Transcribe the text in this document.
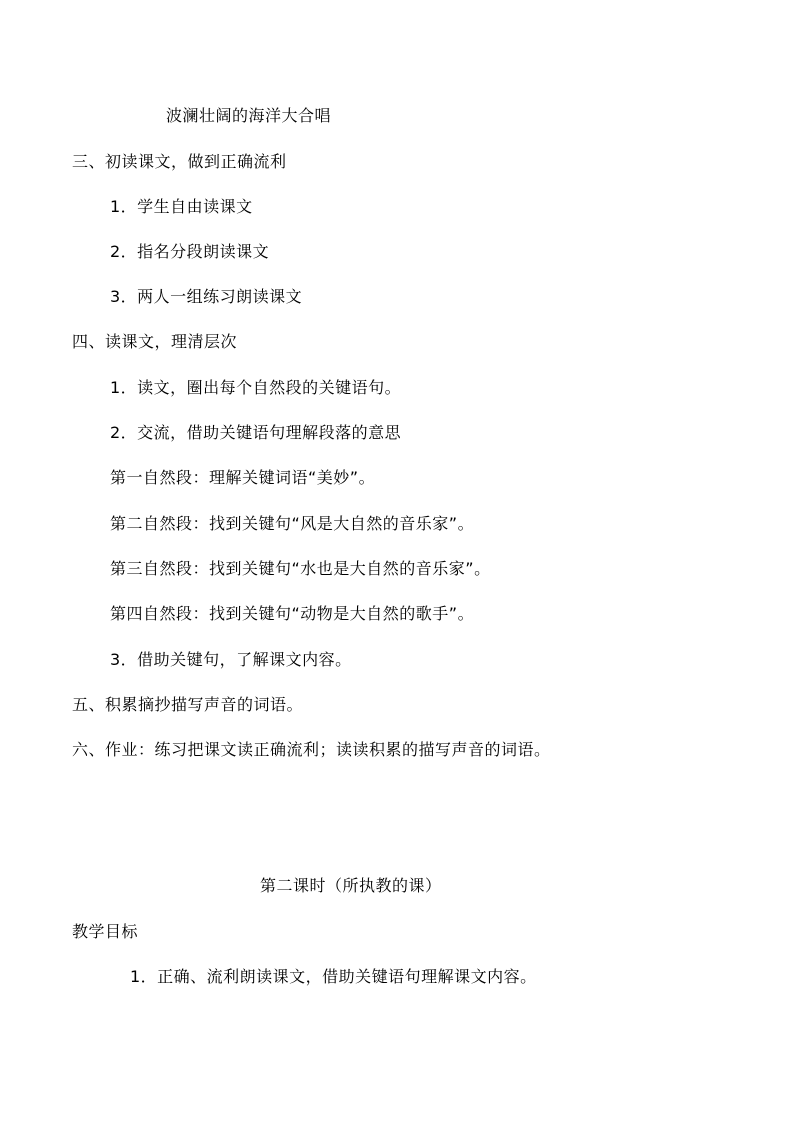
波澜壮阔的海洋大合唱
三、初读课文，做到正确流利
1．学生自由读课文
2．指名分段朗读课文
3．两人一组练习朗读课文
四、读课文，理清层次
1．读文，圈出每个自然段的关键语句。
2．交流，借助关键语句理解段落的意思
第一自然段：理解关键词语“美妙”。
第二自然段：找到关键句“风是大自然的音乐家”。
第三自然段：找到关键句“水也是大自然的音乐家”。
第四自然段：找到关键句“动物是大自然的歌手”。
3．借助关键句，了解课文内容。
五、积累摘抄描写声音的词语。
六、作业：练习把课文读正确流利；读读积累的描写声音的词语。
第二课时（所执教的课）
教学目标
1．正确、流利朗读课文，借助关键语句理解课文内容。
